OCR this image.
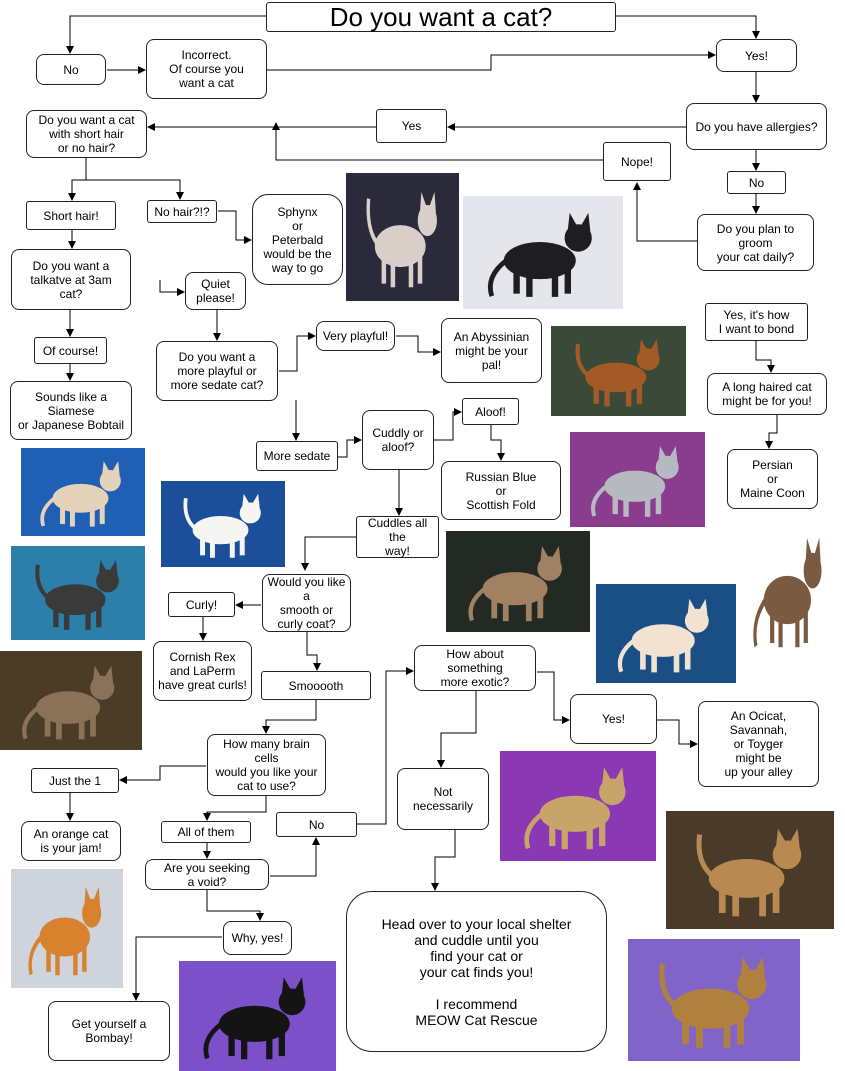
Do you want a cat?
No
Incorrect.
Of course you
want a cat
Yes!
Do you have allergies?
Yes
Nope!
No
Do you want a cat
with short hair
or no hair?
Short hair!	No hair?!?	Sphynx
or
Peterbald
would be the
way to go
Do you plan to groom
your cat daily?
Yes, it's how
I want to bond
A long haired cat
might be for you!
Persian
or
Maine Coon
Do you want a
talkatve at 3am
cat?
Quiet
please!
Of course!
Sounds like a
Siamese
or Japanese Bobtail
Do you want a
more playful or
more sedate cat?
Very playful!	An Abyssinian
might be your pal!
More sedate
Cuddly or
aloof?
Aloof!
Russian Blue
or
Scottish Fold
Cuddles all the
way!
Would you like a
smooth or
curly coat?
Curly!
Cornish Rex
and LaPerm
have great curls!	Smooooth
How about something
more exotic?
Yes!	An Ocicat,
Savannah,
or Toyger
might be
up your alley
Not necessarily
How many brain cells
would you like your
cat to use?
Just the 1
An orange cat
is your jam!
All of them
No
Are you seeking
a void?
Why, yes!
Get yourself a
Bombay!
Head over to your local shelter
and cuddle until you
find your cat or
your cat finds you!

I recommend
MEOW Cat Rescue
